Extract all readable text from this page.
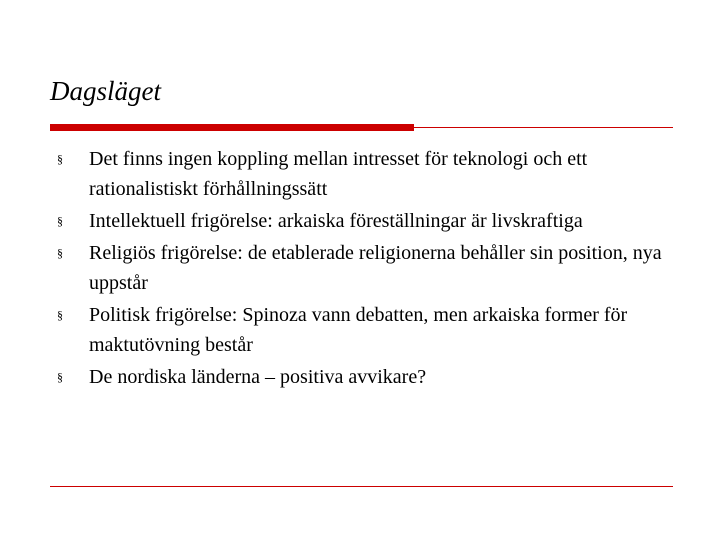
Dagsläget
§ Det finns ingen koppling mellan intresset för teknologi och ett rationalistiskt förhållningssätt
§ Intellektuell frigörelse: arkaiska föreställningar är livskraftiga
§ Religiös frigörelse: de etablerade religionerna behåller sin position, nya uppstår
§ Politisk frigörelse: Spinoza vann debatten, men arkaiska former för maktutövning består
§ De nordiska länderna – positiva avvikare?
